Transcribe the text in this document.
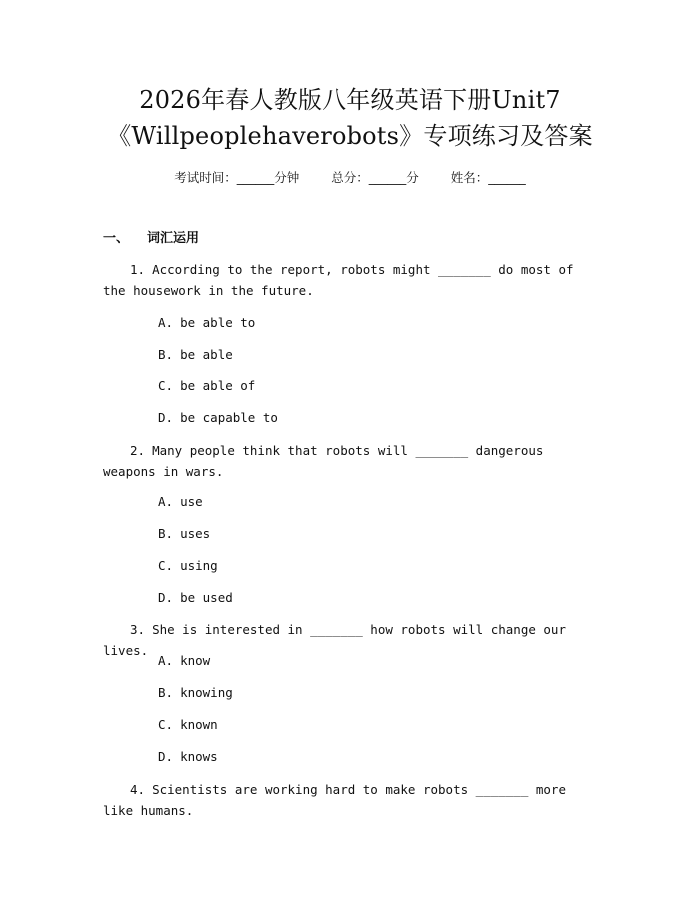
2026年春人教版八年级英语下册Unit7
《Willpeoplehaverobots》专项练习及答案
考试时间：______分钟	总分：______分	姓名：______
一、 词汇运用

1. According to the report, robots might _______ do most of the housework in the future.

A. be able to
B. be able
C. be able of
D. be capable to

2. Many people think that robots will _______ dangerous weapons in wars.

A. use
B. uses
C. using
D. be used

3. She is interested in _______ how robots will change our lives.

A. know
B. knowing
C. known
D. knows

4. Scientists are working hard to make robots _______ more like humans.
